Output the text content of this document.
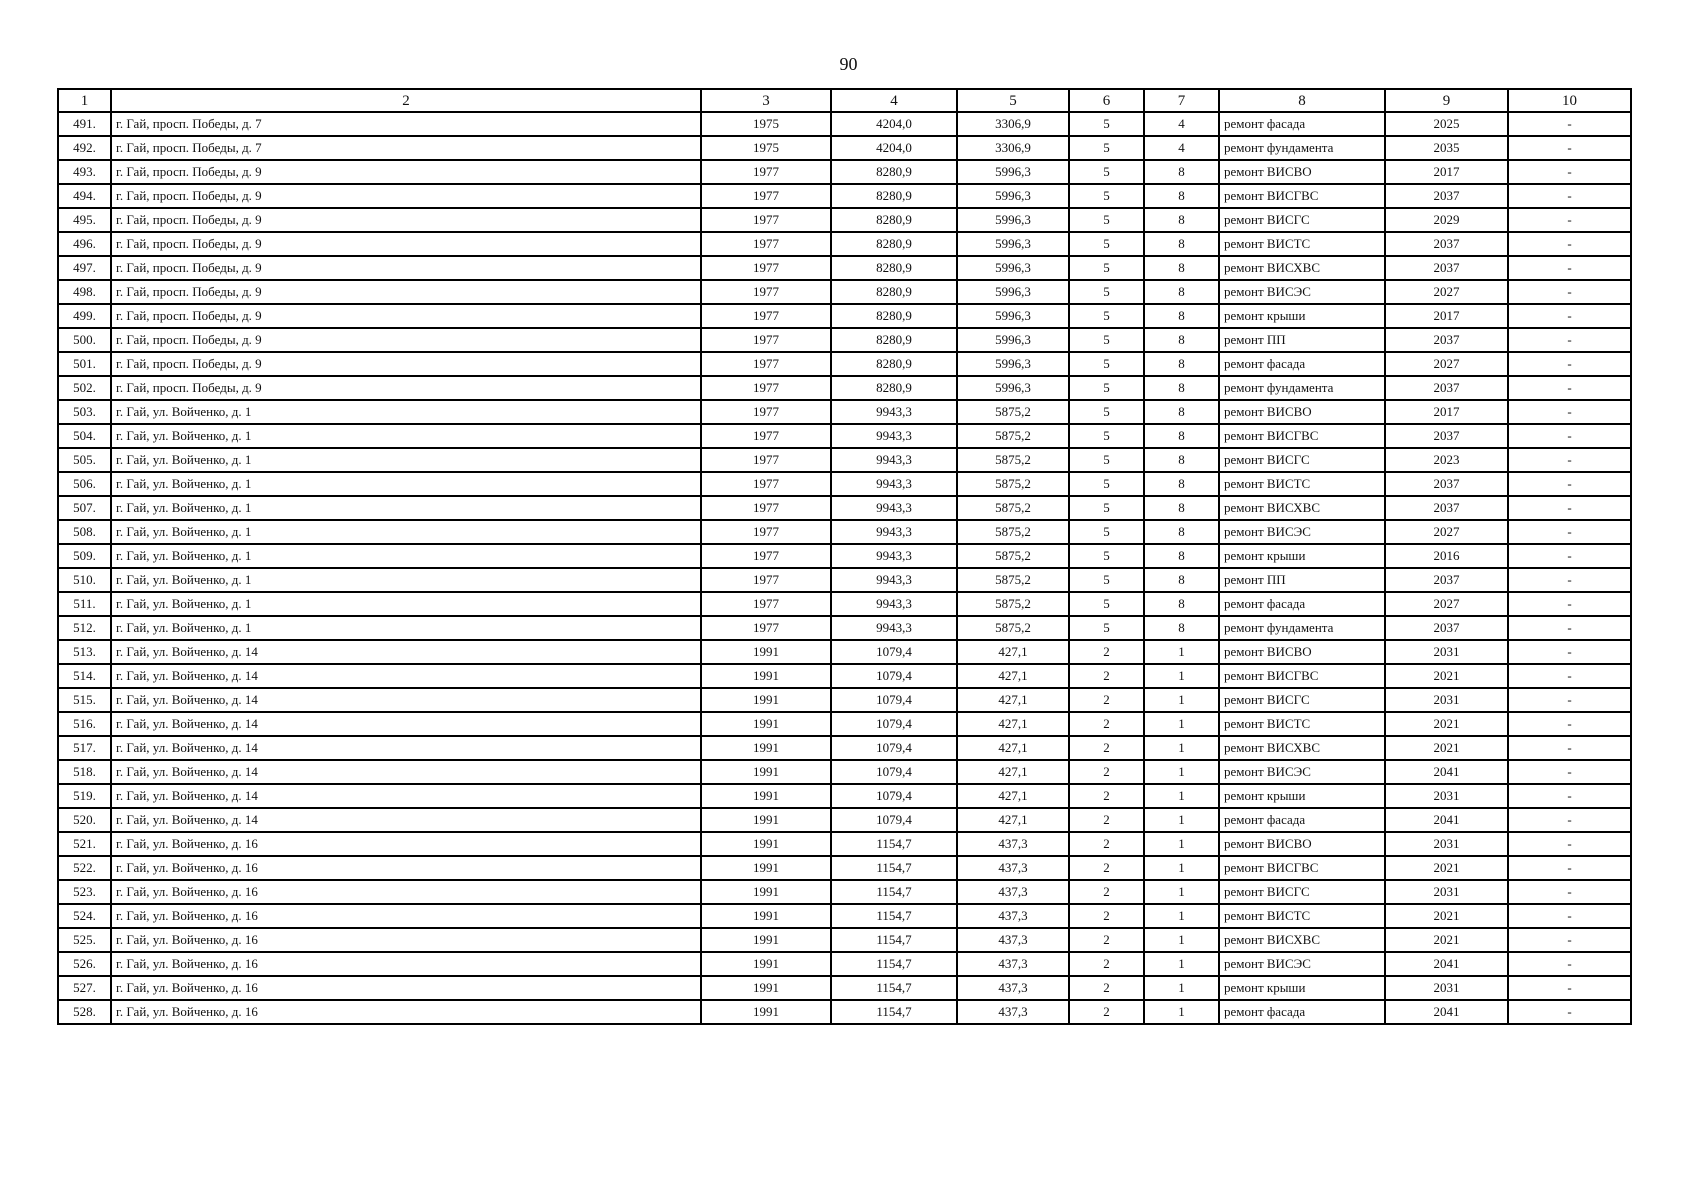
90
1	2	3	4	5	6	7	8	9	10
491.	г. Гай, просп. Победы, д. 7	1975	4204,0	3306,9	5	4	ремонт фасада	2025	-
492.	г. Гай, просп. Победы, д. 7	1975	4204,0	3306,9	5	4	ремонт фундамента	2035	-
493.	г. Гай, просп. Победы, д. 9	1977	8280,9	5996,3	5	8	ремонт ВИСВО	2017	-
494.	г. Гай, просп. Победы, д. 9	1977	8280,9	5996,3	5	8	ремонт ВИСГВС	2037	-
495.	г. Гай, просп. Победы, д. 9	1977	8280,9	5996,3	5	8	ремонт ВИСГС	2029	-
496.	г. Гай, просп. Победы, д. 9	1977	8280,9	5996,3	5	8	ремонт ВИСТС	2037	-
497.	г. Гай, просп. Победы, д. 9	1977	8280,9	5996,3	5	8	ремонт ВИСХВС	2037	-
498.	г. Гай, просп. Победы, д. 9	1977	8280,9	5996,3	5	8	ремонт ВИСЭС	2027	-
499.	г. Гай, просп. Победы, д. 9	1977	8280,9	5996,3	5	8	ремонт крыши	2017	-
500.	г. Гай, просп. Победы, д. 9	1977	8280,9	5996,3	5	8	ремонт ПП	2037	-
501.	г. Гай, просп. Победы, д. 9	1977	8280,9	5996,3	5	8	ремонт фасада	2027	-
502.	г. Гай, просп. Победы, д. 9	1977	8280,9	5996,3	5	8	ремонт фундамента	2037	-
503.	г. Гай, ул. Войченко, д. 1	1977	9943,3	5875,2	5	8	ремонт ВИСВО	2017	-
504.	г. Гай, ул. Войченко, д. 1	1977	9943,3	5875,2	5	8	ремонт ВИСГВС	2037	-
505.	г. Гай, ул. Войченко, д. 1	1977	9943,3	5875,2	5	8	ремонт ВИСГС	2023	-
506.	г. Гай, ул. Войченко, д. 1	1977	9943,3	5875,2	5	8	ремонт ВИСТС	2037	-
507.	г. Гай, ул. Войченко, д. 1	1977	9943,3	5875,2	5	8	ремонт ВИСХВС	2037	-
508.	г. Гай, ул. Войченко, д. 1	1977	9943,3	5875,2	5	8	ремонт ВИСЭС	2027	-
509.	г. Гай, ул. Войченко, д. 1	1977	9943,3	5875,2	5	8	ремонт крыши	2016	-
510.	г. Гай, ул. Войченко, д. 1	1977	9943,3	5875,2	5	8	ремонт ПП	2037	-
511.	г. Гай, ул. Войченко, д. 1	1977	9943,3	5875,2	5	8	ремонт фасада	2027	-
512.	г. Гай, ул. Войченко, д. 1	1977	9943,3	5875,2	5	8	ремонт фундамента	2037	-
513.	г. Гай, ул. Войченко, д. 14	1991	1079,4	427,1	2	1	ремонт ВИСВО	2031	-
514.	г. Гай, ул. Войченко, д. 14	1991	1079,4	427,1	2	1	ремонт ВИСГВС	2021	-
515.	г. Гай, ул. Войченко, д. 14	1991	1079,4	427,1	2	1	ремонт ВИСГС	2031	-
516.	г. Гай, ул. Войченко, д. 14	1991	1079,4	427,1	2	1	ремонт ВИСТС	2021	-
517.	г. Гай, ул. Войченко, д. 14	1991	1079,4	427,1	2	1	ремонт ВИСХВС	2021	-
518.	г. Гай, ул. Войченко, д. 14	1991	1079,4	427,1	2	1	ремонт ВИСЭС	2041	-
519.	г. Гай, ул. Войченко, д. 14	1991	1079,4	427,1	2	1	ремонт крыши	2031	-
520.	г. Гай, ул. Войченко, д. 14	1991	1079,4	427,1	2	1	ремонт фасада	2041	-
521.	г. Гай, ул. Войченко, д. 16	1991	1154,7	437,3	2	1	ремонт ВИСВО	2031	-
522.	г. Гай, ул. Войченко, д. 16	1991	1154,7	437,3	2	1	ремонт ВИСГВС	2021	-
523.	г. Гай, ул. Войченко, д. 16	1991	1154,7	437,3	2	1	ремонт ВИСГС	2031	-
524.	г. Гай, ул. Войченко, д. 16	1991	1154,7	437,3	2	1	ремонт ВИСТС	2021	-
525.	г. Гай, ул. Войченко, д. 16	1991	1154,7	437,3	2	1	ремонт ВИСХВС	2021	-
526.	г. Гай, ул. Войченко, д. 16	1991	1154,7	437,3	2	1	ремонт ВИСЭС	2041	-
527.	г. Гай, ул. Войченко, д. 16	1991	1154,7	437,3	2	1	ремонт крыши	2031	-
528.	г. Гай, ул. Войченко, д. 16	1991	1154,7	437,3	2	1	ремонт фасада	2041	-
